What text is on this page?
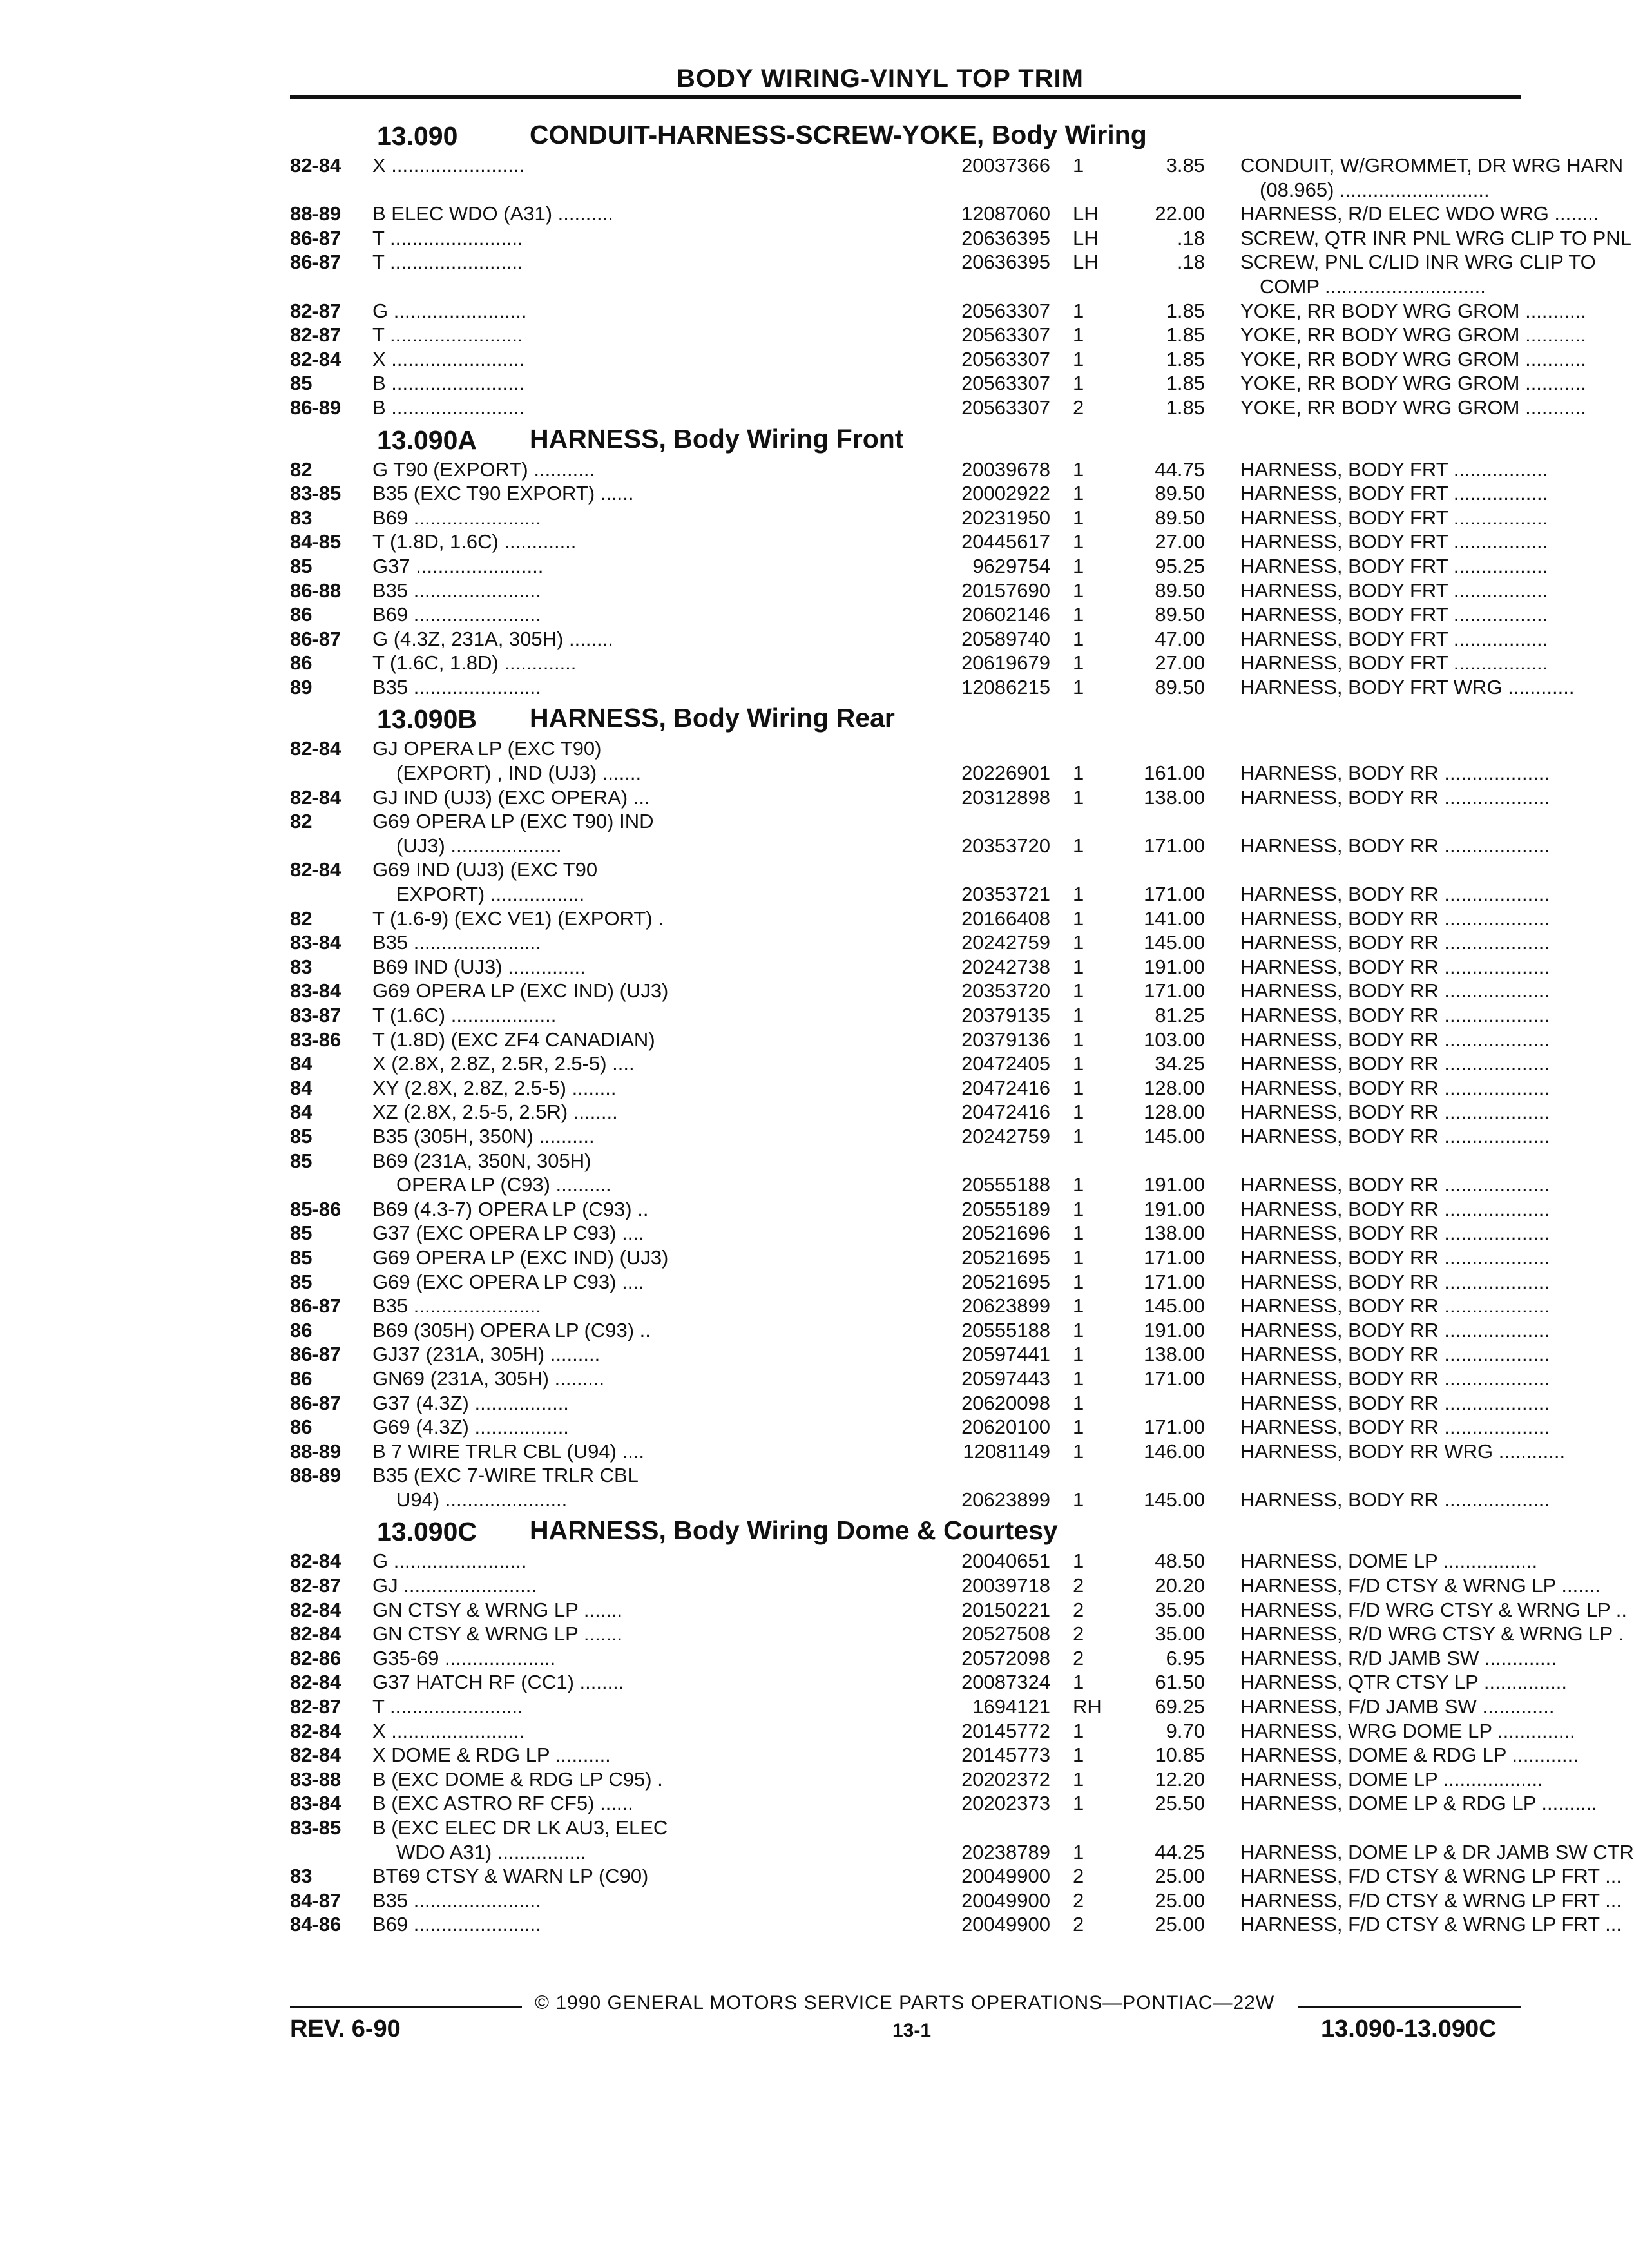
BODY WIRING-VINYL TOP TRIM
13.090	CONDUIT-HARNESS-SCREW-YOKE, Body Wiring
82-84	X ........................	20037366 1	3.85 CONDUIT, W/GROMMET, DR WRG HARN
(08.965) ...........................
88-89	B ELEC WDO (A31) ..........	12087060 LH	22.00 HARNESS, R/D ELEC WDO WRG ........
86-87	T ........................	20636395 LH	.18 SCREW, QTR INR PNL WRG CLIP TO PNL
86-87	T ........................	20636395 LH	.18 SCREW, PNL C/LID INR WRG CLIP TO
COMP .............................
82-87	G ........................	20563307 1	1.85 YOKE, RR BODY WRG GROM ...........
82-87	T ........................	20563307 1	1.85 YOKE, RR BODY WRG GROM ...........
82-84	X ........................	20563307 1	1.85 YOKE, RR BODY WRG GROM ...........
85	B ........................	20563307 1	1.85 YOKE, RR BODY WRG GROM ...........
86-89	B ........................	20563307 2	1.85 YOKE, RR BODY WRG GROM ...........
13.090A HARNESS, Body Wiring Front
82	G T90 (EXPORT) ...........	20039678 1	44.75 HARNESS, BODY FRT .................
83-85	B35 (EXC T90 EXPORT) ......	20002922 1	89.50 HARNESS, BODY FRT .................
83	B69 .......................	20231950 1	89.50 HARNESS, BODY FRT .................
84-85	T (1.8D, 1.6C) .............	20445617 1	27.00 HARNESS, BODY FRT .................
85	G37 .......................	9629754 1	95.25 HARNESS, BODY FRT .................
86-88	B35 .......................	20157690 1	89.50 HARNESS, BODY FRT .................
86	B69 .......................	20602146 1	89.50 HARNESS, BODY FRT .................
86-87	G (4.3Z, 231A, 305H) ........	20589740 1	47.00 HARNESS, BODY FRT .................
86	T (1.6C, 1.8D) .............	20619679 1	27.00 HARNESS, BODY FRT .................
89	B35 .......................	12086215 1	89.50 HARNESS, BODY FRT WRG ............
13.090B HARNESS, Body Wiring Rear
82-84	GJ OPERA LP (EXC T90)
(EXPORT) , IND (UJ3) .......	20226901 1	161.00 HARNESS, BODY RR ...................
82-84	GJ IND (UJ3) (EXC OPERA) ...	20312898 1	138.00 HARNESS, BODY RR ...................
82	G69 OPERA LP (EXC T90) IND
(UJ3) ....................	20353720 1	171.00 HARNESS, BODY RR ...................
82-84	G69 IND (UJ3) (EXC T90
EXPORT) .................	20353721 1	171.00 HARNESS, BODY RR ...................
82	T (1.6-9) (EXC VE1) (EXPORT) .	20166408 1	141.00 HARNESS, BODY RR ...................
83-84	B35 .......................	20242759 1	145.00 HARNESS, BODY RR ...................
83	B69 IND (UJ3) ..............	20242738 1	191.00 HARNESS, BODY RR ...................
83-84	G69 OPERA LP (EXC IND) (UJ3)	20353720 1	171.00 HARNESS, BODY RR ...................
83-87	T (1.6C) ...................	20379135 1	81.25 HARNESS, BODY RR ...................
83-86	T (1.8D) (EXC ZF4 CANADIAN)	20379136 1	103.00 HARNESS, BODY RR ...................
84	X (2.8X, 2.8Z, 2.5R, 2.5-5) ....	20472405 1	34.25 HARNESS, BODY RR ...................
84	XY (2.8X, 2.8Z, 2.5-5) ........	20472416 1	128.00 HARNESS, BODY RR ...................
84	XZ (2.8X, 2.5-5, 2.5R) ........	20472416 1	128.00 HARNESS, BODY RR ...................
85	B35 (305H, 350N) ..........	20242759 1	145.00 HARNESS, BODY RR ...................
85	B69 (231A, 350N, 305H)
OPERA LP (C93) ..........	20555188 1	191.00 HARNESS, BODY RR ...................
85-86	B69 (4.3-7) OPERA LP (C93) ..	20555189 1	191.00 HARNESS, BODY RR ...................
85	G37 (EXC OPERA LP C93) ....	20521696 1	138.00 HARNESS, BODY RR ...................
85	G69 OPERA LP (EXC IND) (UJ3)	20521695 1	171.00 HARNESS, BODY RR ...................
85	G69 (EXC OPERA LP C93) ....	20521695 1	171.00 HARNESS, BODY RR ...................
86-87	B35 .......................	20623899 1	145.00 HARNESS, BODY RR ...................
86	B69 (305H) OPERA LP (C93) ..	20555188 1	191.00 HARNESS, BODY RR ...................
86-87	GJ37 (231A, 305H) .........	20597441 1	138.00 HARNESS, BODY RR ...................
86	GN69 (231A, 305H) .........	20597443 1	171.00 HARNESS, BODY RR ...................
86-87	G37 (4.3Z) .................	20620098 1	HARNESS, BODY RR ...................
86	G69 (4.3Z) .................	20620100 1	171.00 HARNESS, BODY RR ...................
88-89	B 7 WIRE TRLR CBL (U94) ....	12081149 1	146.00 HARNESS, BODY RR WRG ............
88-89	B35 (EXC 7-WIRE TRLR CBL
U94) ......................	20623899 1	145.00 HARNESS, BODY RR ...................
13.090C HARNESS, Body Wiring Dome & Courtesy
82-84	G ........................	20040651 1	48.50 HARNESS, DOME LP .................
82-87	GJ ........................	20039718 2	20.20 HARNESS, F/D CTSY & WRNG LP .......
82-84	GN CTSY & WRNG LP .......	20150221 2	35.00 HARNESS, F/D WRG CTSY & WRNG LP ..
82-84	GN CTSY & WRNG LP .......	20527508 2	35.00 HARNESS, R/D WRG CTSY & WRNG LP .
82-86	G35-69 ....................	20572098 2	6.95 HARNESS, R/D JAMB SW .............
82-84	G37 HATCH RF (CC1) ........	20087324 1	61.50 HARNESS, QTR CTSY LP ...............
82-87	T ........................	1694121 RH	69.25 HARNESS, F/D JAMB SW .............
82-84	X ........................	20145772 1	9.70 HARNESS, WRG DOME LP ..............
82-84	X DOME & RDG LP ..........	20145773 1	10.85 HARNESS, DOME & RDG LP ............
83-88	B (EXC DOME & RDG LP C95) .	20202372 1	12.20 HARNESS, DOME LP ..................
83-84	B (EXC ASTRO RF CF5) ......	20202373 1	25.50 HARNESS, DOME LP & RDG LP ..........
83-85	B (EXC ELEC DR LK AU3, ELEC
WDO A31) ................	20238789 1	44.25 HARNESS, DOME LP & DR JAMB SW CTR
83	BT69 CTSY & WARN LP (C90)	20049900 2	25.00 HARNESS, F/D CTSY & WRNG LP FRT ...
84-87	B35 .......................	20049900 2	25.00 HARNESS, F/D CTSY & WRNG LP FRT ...
84-86	B69 .......................	20049900 2	25.00 HARNESS, F/D CTSY & WRNG LP FRT ...
© 1990 GENERAL MOTORS SERVICE PARTS OPERATIONS—PONTIAC—22W
REV. 6-90	13-1	13.090-13.090C
